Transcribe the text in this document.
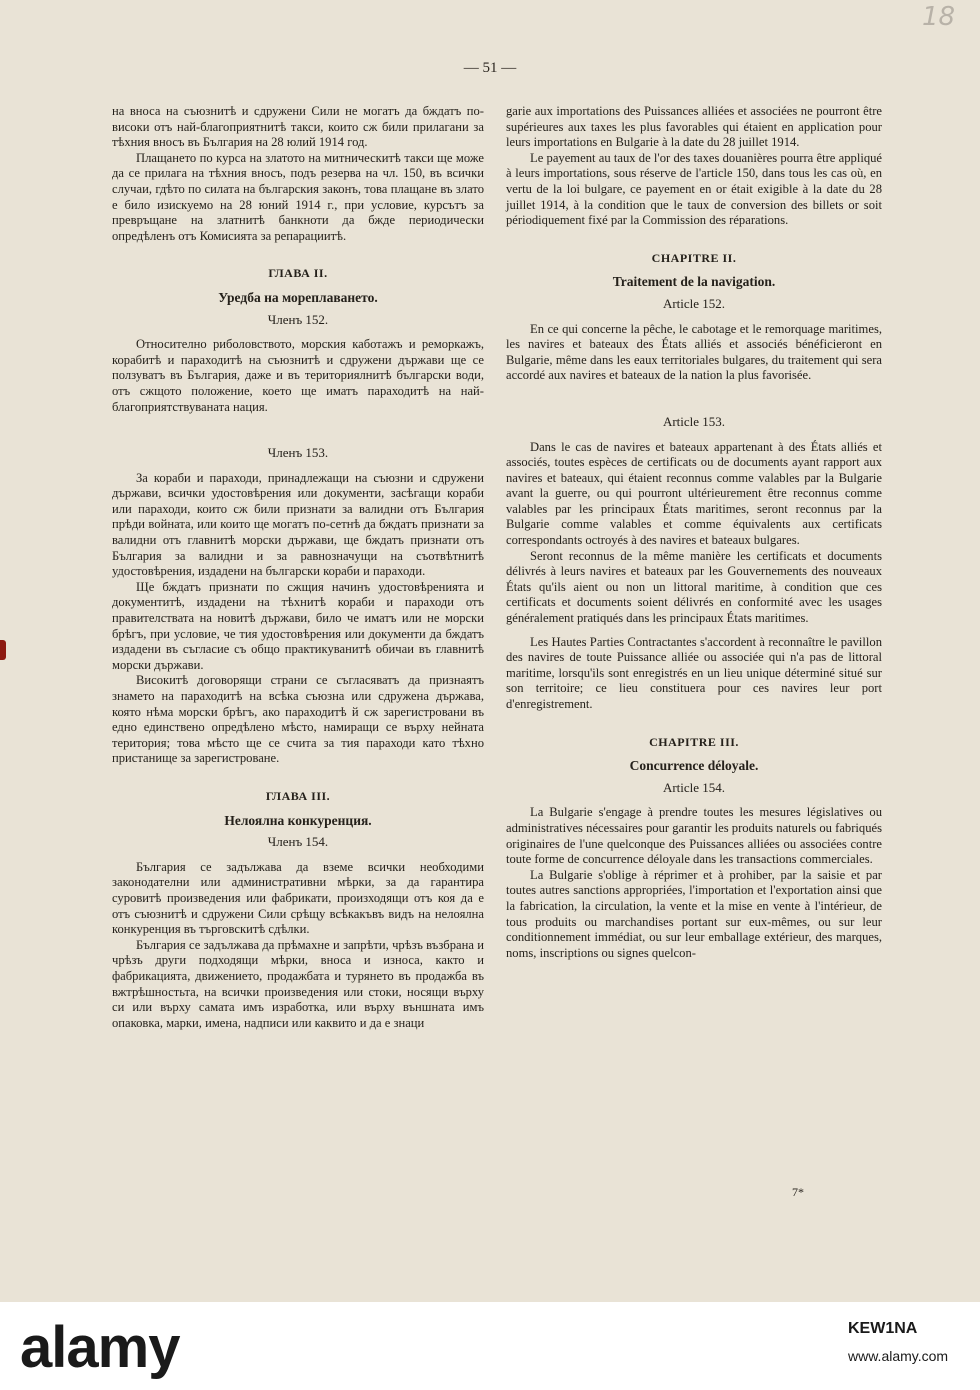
18
— 51 —

на вноса на съюзнитѣ и сдружени Сили не могатъ да бждатъ по-високи отъ най-благоприятнитѣ такси, които сж били прилагани за тѣхния вносъ въ България на 28 юлий 1914 год.

Плащането по курса на златото на митническитѣ такси ще може да се прилага на тѣхния вносъ, подъ резерва на чл. 150, въ всички случаи, гдѣто по силата на българския законъ, това плащане въ злато е било изискуемо на 28 юний 1914 г., при условие, курсътъ за превръщане на златнитѣ банкноти да бжде периодически опредѣленъ отъ Комисията за репарациитѣ.

ГЛАВА II.
Уредба на мореплаването.
Членъ 152.

Относително риболовството, морския каботажъ и реморкажъ, корабитѣ и параходитѣ на съюзнитѣ и сдружени държави ще се ползуватъ въ България, даже и въ териториялнитѣ български води, отъ сжщото положение, което ще иматъ параходитѣ на най-благоприятствуваната нация.

Членъ 153.

За кораби и параходи, принадлежащи на съюзни и сдружени държави, всички удостовѣрения или документи, засѣгащи кораби или параходи, които сж били признати за валидни отъ България прѣди войната, или които ще могатъ по-сетнѣ да бждатъ признати за валидни отъ главнитѣ морски държави, ще бждатъ признати отъ България за валидни и за равнозначущи на съотвѣтнитѣ удостовѣрения, издадени на български кораби и параходи.

Ще бждатъ признати по сжщия начинъ удостовѣренията и документитѣ, издадени на тѣхнитѣ кораби и параходи отъ правителствата на новитѣ държави, било че иматъ или не морски брѣгъ, при условие, че тия удостовѣрения или документи да бждатъ издадени въ съгласие съ общо практикуванитѣ обичаи въ главнитѣ морски държави.

Високитѣ договорящи страни се съгласяватъ да признаятъ знамето на параходитѣ на всѣка съюзна или сдружена държава, която нѣма морски брѣгъ, ако параходитѣ й сж зарегистровани въ едно единствено опредѣлено мѣсто, намиращи се върху нейната територия; това мѣсто ще се счита за тия параходи като тѣхно пристанище за зарегистроване.

ГЛАВА III.
Нелоялна конкуренция.
Членъ 154.

България се задължава да вземе всички необходими законодателни или административни мѣрки, за да гарантира суровитѣ произведения или фабрикати, произходящи отъ коя да е отъ съюзнитѣ и сдружени Сили срѣщу всѣкакъвъ видъ на нелоялна конкуренция въ търговскитѣ сдѣлки.

България се задължава да прѣмахне и запрѣти, чрѣзъ възбрана и чрѣзъ други подходящи мѣрки, вноса и износа, както и фабрикацията, движението, продажбата и турянето въ продажба въ вжтрѣшностьта, на всички произведения или стоки, носящи върху си или върху самата имъ изработка, или върху външната имъ опаковка, марки, имена, надписи или каквито и да е знаци

garie aux importations des Puissances alliées et associées ne pourront être supérieures aux taxes les plus favorables qui étaient en application pour leurs importations en Bulgarie à la date du 28 juillet 1914.

Le payement au taux de l'or des taxes douanières pourra être appliqué à leurs importations, sous réserve de l'article 150, dans tous les cas où, en vertu de la loi bulgare, ce payement en or était exigible à la date du 28 juillet 1914, à la condition que le taux de conversion des billets or soit périodiquement fixé par la Commission des réparations.

CHAPITRE II.
Traitement de la navigation.
Article 152.

En ce qui concerne la pêche, le cabotage et le remorquage maritimes, les navires et bateaux des États alliés et associés bénéficieront en Bulgarie, même dans les eaux territoriales bulgares, du traitement qui sera accordé aux navires et bateaux de la nation la plus favorisée.

Article 153.

Dans le cas de navires et bateaux appartenant à des États alliés et associés, toutes espèces de certificats ou de documents ayant rapport aux navires et bateaux, qui étaient reconnus comme valables par la Bulgarie avant la guerre, ou qui pourront ultérieurement être reconnus comme valables par les principaux États maritimes, seront reconnus par la Bulgarie comme valables et comme équivalents aux certificats correspondants octroyés à des navires et bateaux bulgares.

Seront reconnus de la même manière les certificats et documents délivrés à leurs navires et bateaux par les Gouvernements des nouveaux États qu'ils aient ou non un littoral maritime, à condition que ces certificats et documents soient délivrés en conformité avec les usages généralement pratiqués dans les principaux États maritimes.

Les Hautes Parties Contractantes s'accordent à reconnaître le pavillon des navires de toute Puissance alliée ou associée qui n'a pas de littoral maritime, lorsqu'ils sont enregistrés en un lieu unique déterminé situé sur son territoire; ce lieu constituera pour ces navires leur port d'enregistrement.

CHAPITRE III.
Concurrence déloyale.
Article 154.

La Bulgarie s'engage à prendre toutes les mesures législatives ou administratives nécessaires pour garantir les produits naturels ou fabriqués originaires de l'une quelconque des Puissances alliées ou associées contre toute forme de concurrence déloyale dans les transactions commerciales.

La Bulgarie s'oblige à réprimer et à prohiber, par la saisie et par toutes autres sanctions appropriées, l'importation et l'exportation ainsi que la fabrication, la circulation, la vente et la mise en vente à l'intérieur, de tous produits ou marchandises portant sur eux-mêmes, ou sur leur conditionnement immédiat, ou sur leur emballage extérieur, des marques, noms, inscriptions ou signes quelcon-

7*
alamy	KEW1NA
www.alamy.com
